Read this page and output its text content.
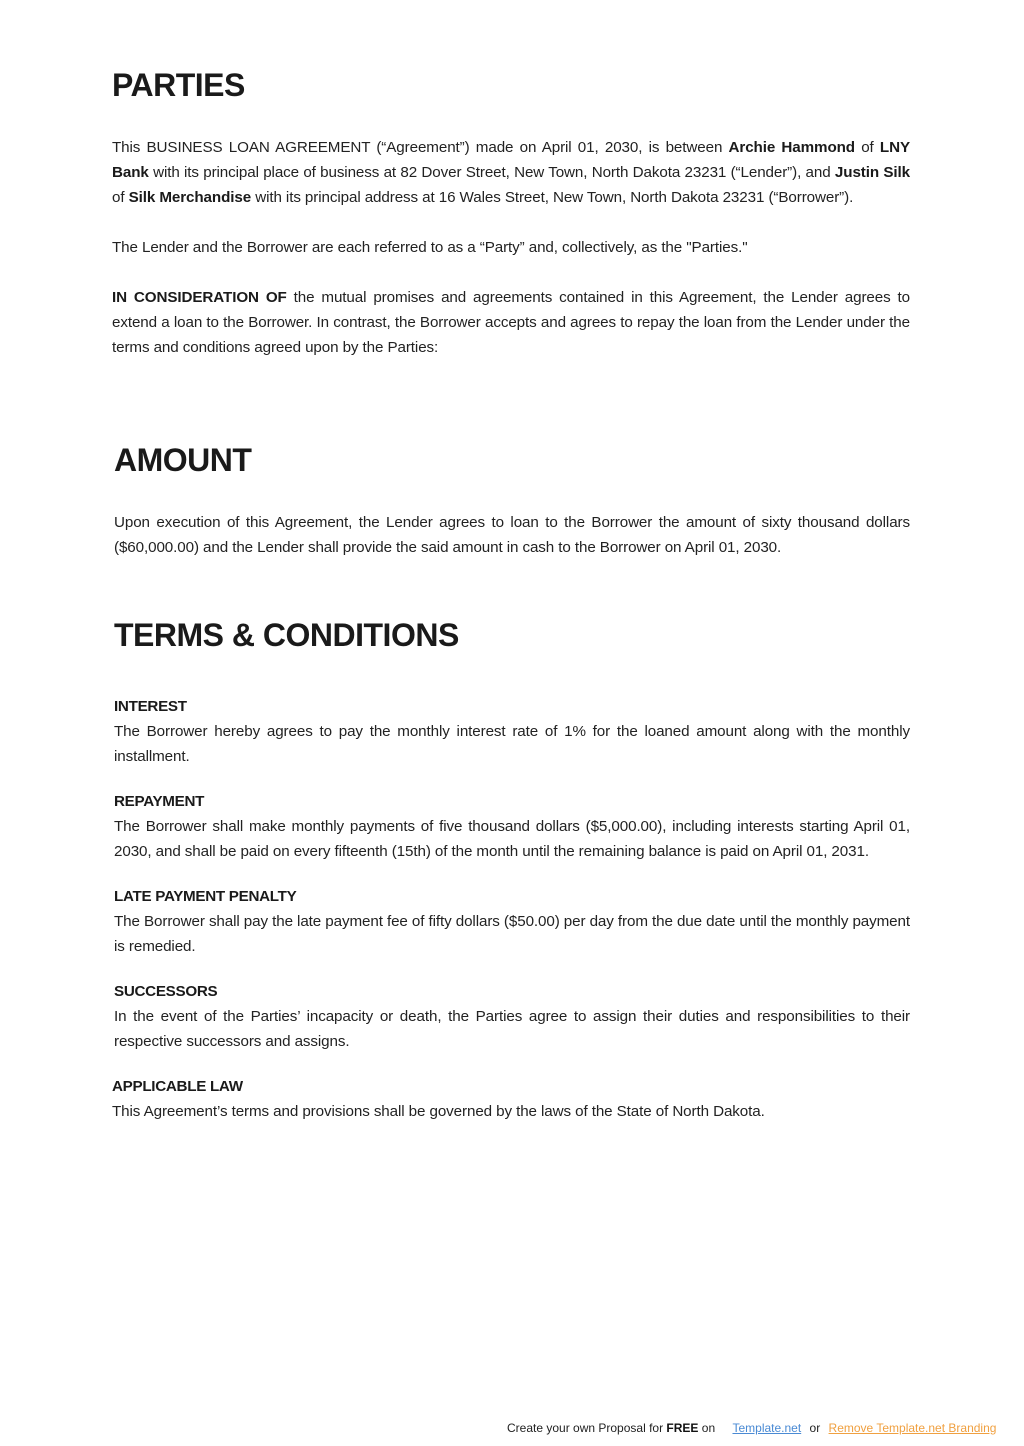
PARTIES

This BUSINESS LOAN AGREEMENT (“Agreement”) made on April 01, 2030, is between Archie Hammond of LNY Bank with its principal place of business at 82 Dover Street, New Town, North Dakota 23231 (“Lender”), and Justin Silk of Silk Merchandise with its principal address at 16 Wales Street, New Town, North Dakota 23231 (“Borrower”).

The Lender and the Borrower are each referred to as a “Party” and, collectively, as the "Parties."

IN CONSIDERATION OF the mutual promises and agreements contained in this Agreement, the Lender agrees to extend a loan to the Borrower. In contrast, the Borrower accepts and agrees to repay the loan from the Lender under the terms and conditions agreed upon by the Parties:

AMOUNT

Upon execution of this Agreement, the Lender agrees to loan to the Borrower the amount of sixty thousand dollars ($60,000.00) and the Lender shall provide the said amount in cash to the Borrower on April 01, 2030.

TERMS & CONDITIONS
INTEREST

The Borrower hereby agrees to pay the monthly interest rate of 1% for the loaned amount along with the monthly installment.

REPAYMENT

The Borrower shall make monthly payments of five thousand dollars ($5,000.00), including interests starting April 01, 2030, and shall be paid on every fifteenth (15th) of the month until the remaining balance is paid on April 01, 2031.

LATE PAYMENT PENALTY

The Borrower shall pay the late payment fee of fifty dollars ($50.00) per day from the due date until the monthly payment is remedied.

SUCCESSORS

In the event of the Parties’ incapacity or death, the Parties agree to assign their duties and responsibilities to their respective successors and assigns.

APPLICABLE LAW

This Agreement’s terms and provisions shall be governed by the laws of the State of North Dakota.

Create your own Proposal for FREE on Template.net or Remove Template.net Branding
